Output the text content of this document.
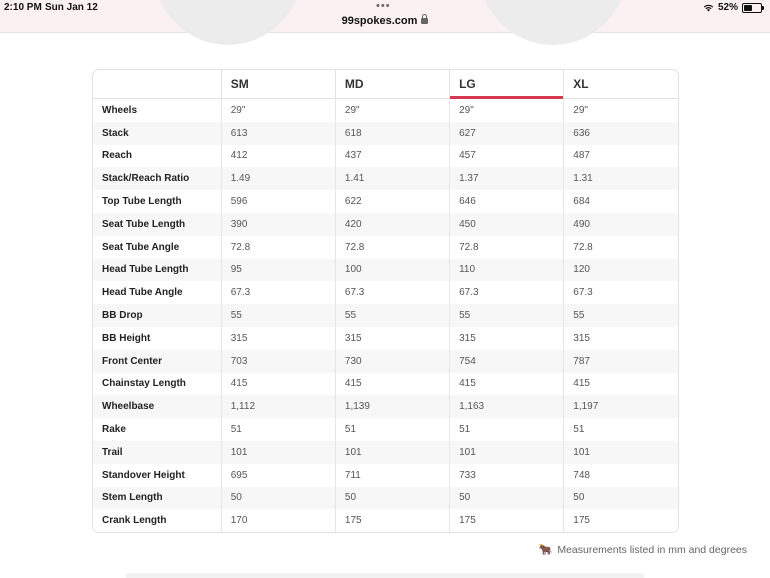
2:10 PM Sun Jan 12	•••
99spokes.com
52%
	SM	MD	LG	XL
Wheels	29"	29"	29"	29"
Stack	613	618	627	636
Reach	412	437	457	487
Stack/Reach Ratio	1.49	1.41	1.37	1.31
Top Tube Length	596	622	646	684
Seat Tube Length	390	420	450	490
Seat Tube Angle	72.8	72.8	72.8	72.8
Head Tube Length	95	100	110	120
Head Tube Angle	67.3	67.3	67.3	67.3
BB Drop	55	55	55	55
BB Height	315	315	315	315
Front Center	703	730	754	787
Chainstay Length	415	415	415	415
Wheelbase	1,112	1,139	1,163	1,197
Rake	51	51	51	51
Trail	101	101	101	101
Standover Height	695	711	733	748
Stem Length	50	50	50	50
Crank Length	170	175	175	175
🐂 Measurements listed in mm and degrees
